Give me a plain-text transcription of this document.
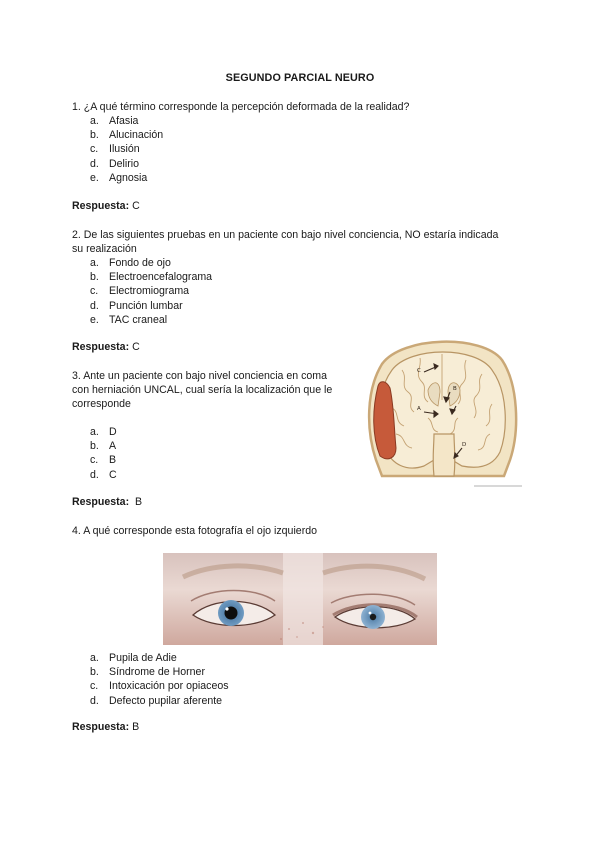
SEGUNDO PARCIAL NEURO
1. ¿A qué término corresponde la percepción deformada de la realidad?
a. Afasia
b. Alucinación
c. Ilusión
d. Delirio
e. Agnosia
Respuesta: C
2. De las siguientes pruebas en un paciente con bajo nivel conciencia, NO estaría indicada
su realización
a. Fondo de ojo
b. Electroencefalograma
c. Electromiograma
d. Punción lumbar
e. TAC craneal
Respuesta: C
3. Ante un paciente con bajo nivel conciencia en coma
con herniación UNCAL, cual sería la localización que le
corresponde
a. D
b. A
c. B
d. C
Respuesta: B
C
B
A
D
4. A qué corresponde esta fotografía el ojo izquierdo
a. Pupila de Adie
b. Síndrome de Horner
c. Intoxicación por opiaceos
d. Defecto pupilar aferente
Respuesta: B
